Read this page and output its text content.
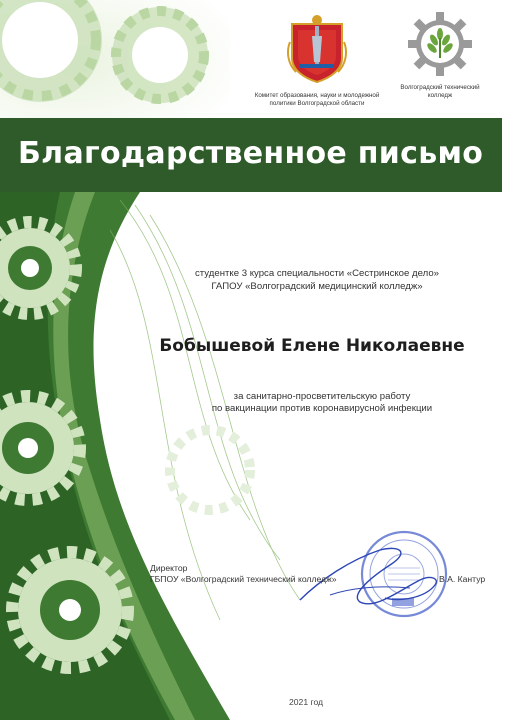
Комитет образования, науки и молодежной
политики Волгоградской области
Волгоградский технический
колледж
Благодарственное письмо
студентке 3 курса специальности «Сестринское дело»
ГАПОУ «Волгоградский медицинский колледж»
Бобышевой Елене Николаевне
за санитарно-просветительскую работу
по вакцинации против коронавирусной инфекции
Директор
ГБПОУ «Волгоградский технический колледж»	В.А. Кантур
2021 год
